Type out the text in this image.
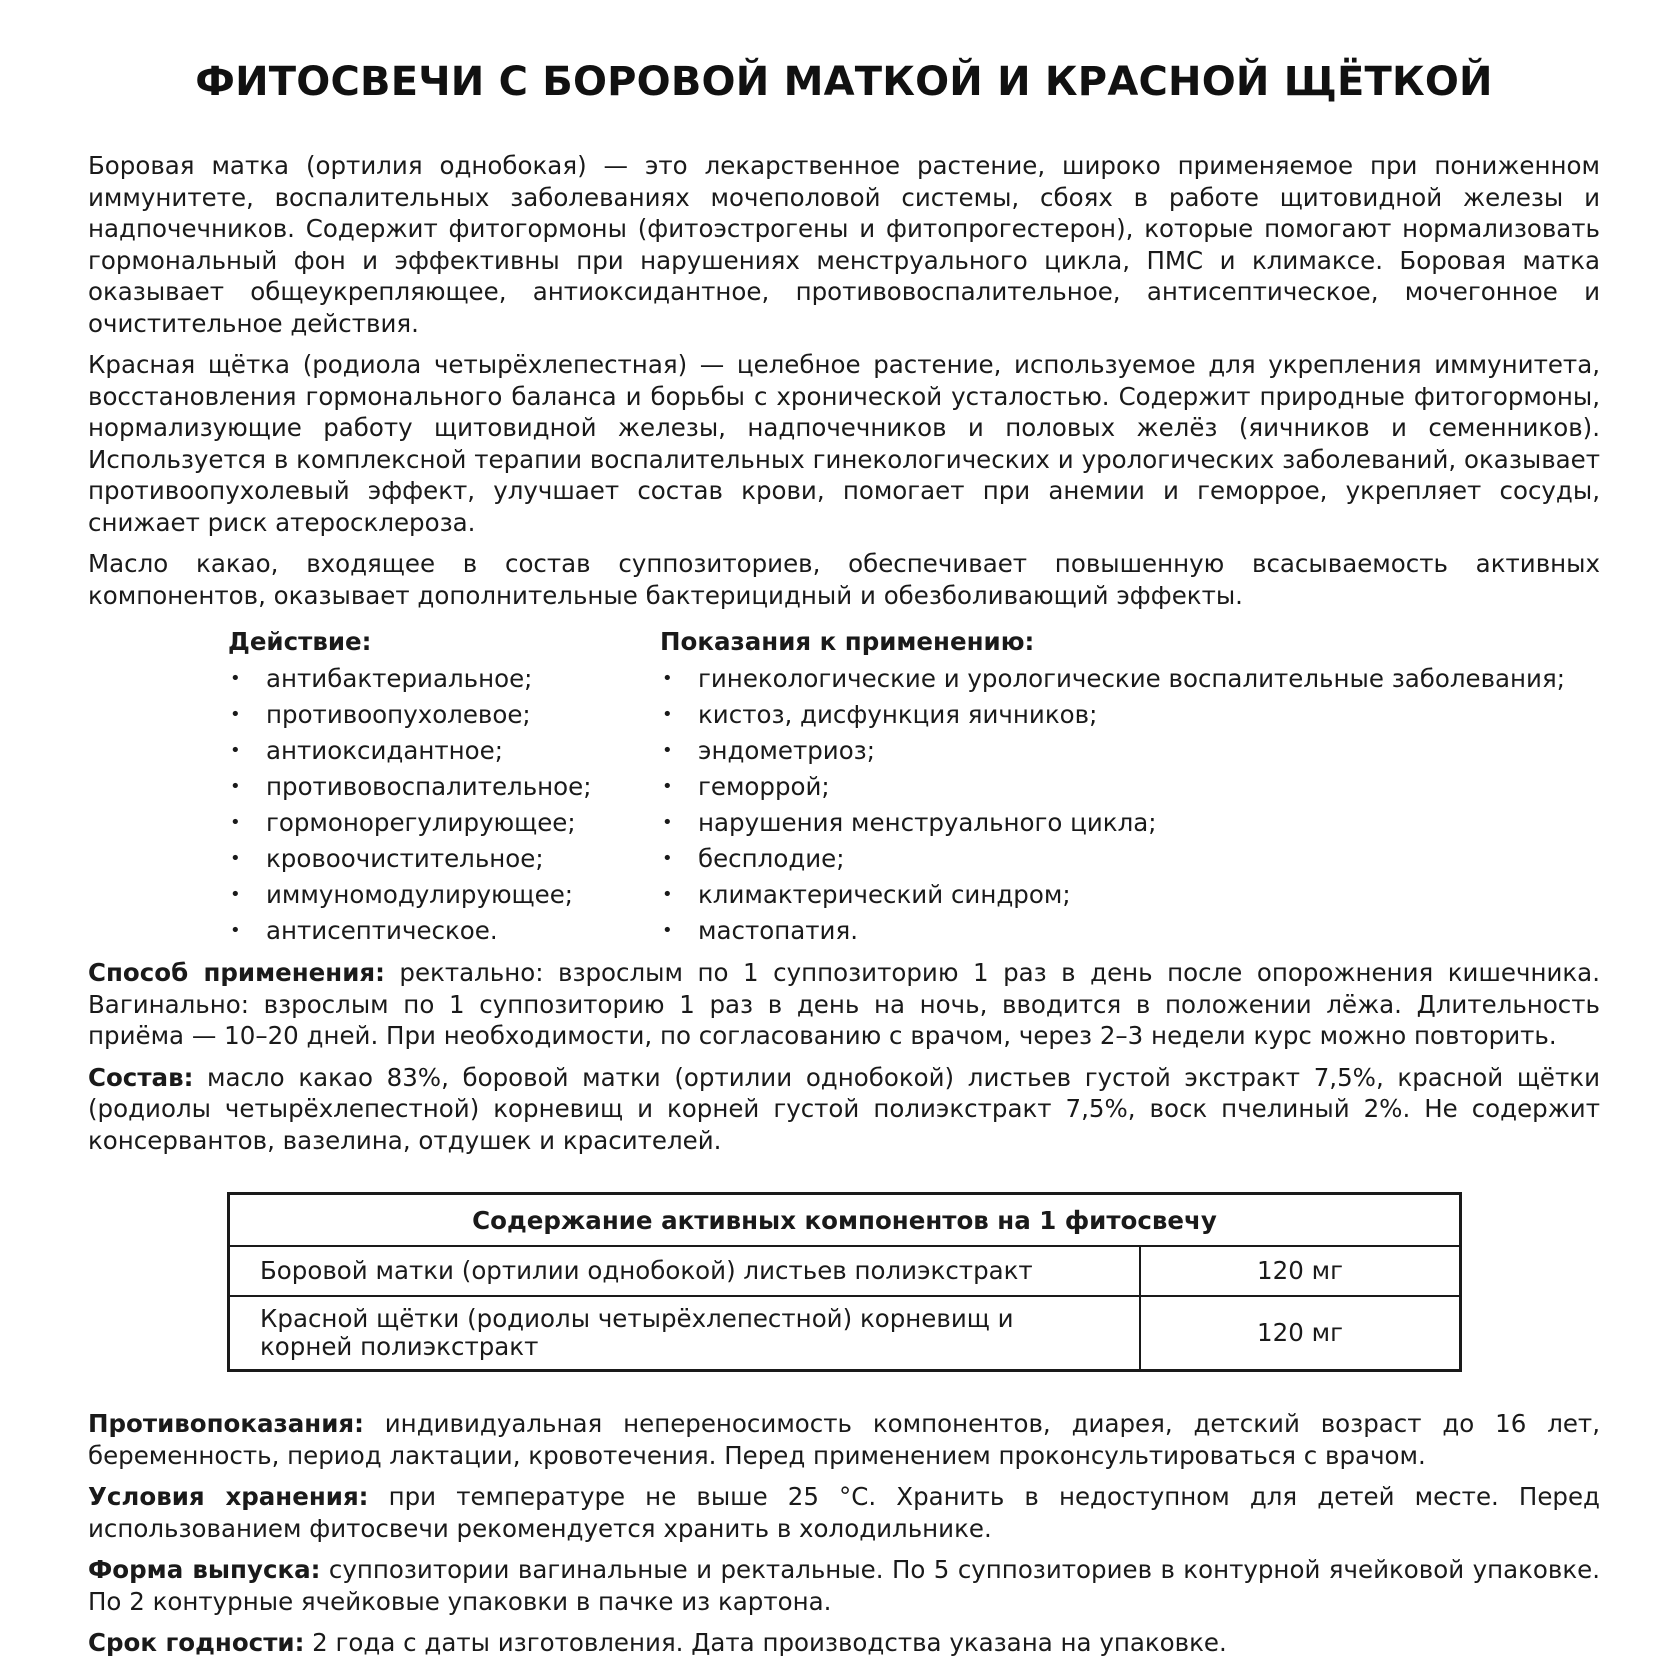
ФИТОСВЕЧИ С БОРОВОЙ МАТКОЙ И КРАСНОЙ ЩЁТКОЙ

Боровая матка (ортилия однобокая) — это лекарственное растение, широко применяемое при пониженном иммунитете, воспалительных заболеваниях мочеполовой системы, сбоях в работе щитовидной железы и надпочечников. Содержит фитогормоны (фитоэстрогены и фитопрогестерон), которые помогают нормализовать гормональный фон и эффективны при нарушениях менструального цикла, ПМС и климаксе. Боровая матка оказывает общеукрепляющее, антиоксидантное, противовоспалительное, антисептическое, мочегонное и очистительное действия.

Красная щётка (родиола четырёхлепестная) — целебное растение, используемое для укрепления иммунитета, восстановления гормонального баланса и борьбы с хронической усталостью. Содержит природные фитогормоны, нормализующие работу щитовидной железы, надпочечников и половых желёз (яичников и семенников). Используется в комплексной терапии воспалительных гинекологических и урологических заболеваний, оказывает противоопухолевый эффект, улучшает состав крови, помогает при анемии и геморрое, укрепляет сосуды, снижает риск атеросклероза.

Масло какао, входящее в состав суппозиториев, обеспечивает повышенную всасываемость активных компонентов, оказывает дополнительные бактерицидный и обезболивающий эффекты.

Действие:
• антибактериальное;
• противоопухолевое;
• антиоксидантное;
• противовоспалительное;
• гормонорегулирующее;
• кровоочистительное;
• иммуномодулирующее;
• антисептическое.
Показания к применению:
• гинекологические и урологические воспалительные заболевания;
• кистоз, дисфункция яичников;
• эндометриоз;
• геморрой;
• нарушения менструального цикла;
• бесплодие;
• климактерический синдром;
• мастопатия.

Способ применения: ректально: взрослым по 1 суппозиторию 1 раз в день после опорожнения кишечника. Вагинально: взрослым по 1 суппозиторию 1 раз в день на ночь, вводится в положении лёжа. Длительность приёма — 10–20 дней. При необходимости, по согласованию с врачом, через 2–3 недели курс можно повторить.

Состав: масло какао 83%, боровой матки (ортилии однобокой) листьев густой экстракт 7,5%, красной щётки (родиолы четырёхлепестной) корневищ и корней густой полиэкстракт 7,5%, воск пчелиный 2%. Не содержит консервантов, вазелина, отдушек и красителей.

Содержание активных компонентов на 1 фитосвечу	
Боровой матки (ортилии однобокой) листьев полиэкстракт	120 мг
Красной щётки (родиолы четырёхлепестной) корневищ и корней полиэкстракт	120 мг

Противопоказания: индивидуальная непереносимость компонентов, диарея, детский возраст до 16 лет, беременность, период лактации, кровотечения. Перед применением проконсультироваться с врачом.

Условия хранения: при температуре не выше 25 °С. Хранить в недоступном для детей месте. Перед использованием фитосвечи рекомендуется хранить в холодильнике.

Форма выпуска: суппозитории вагинальные и ректальные. По 5 суппозиториев в контурной ячейковой упаковке. По 2 контурные ячейковые упаковки в пачке из картона.

Срок годности: 2 года с даты изготовления. Дата производства указана на упаковке.
